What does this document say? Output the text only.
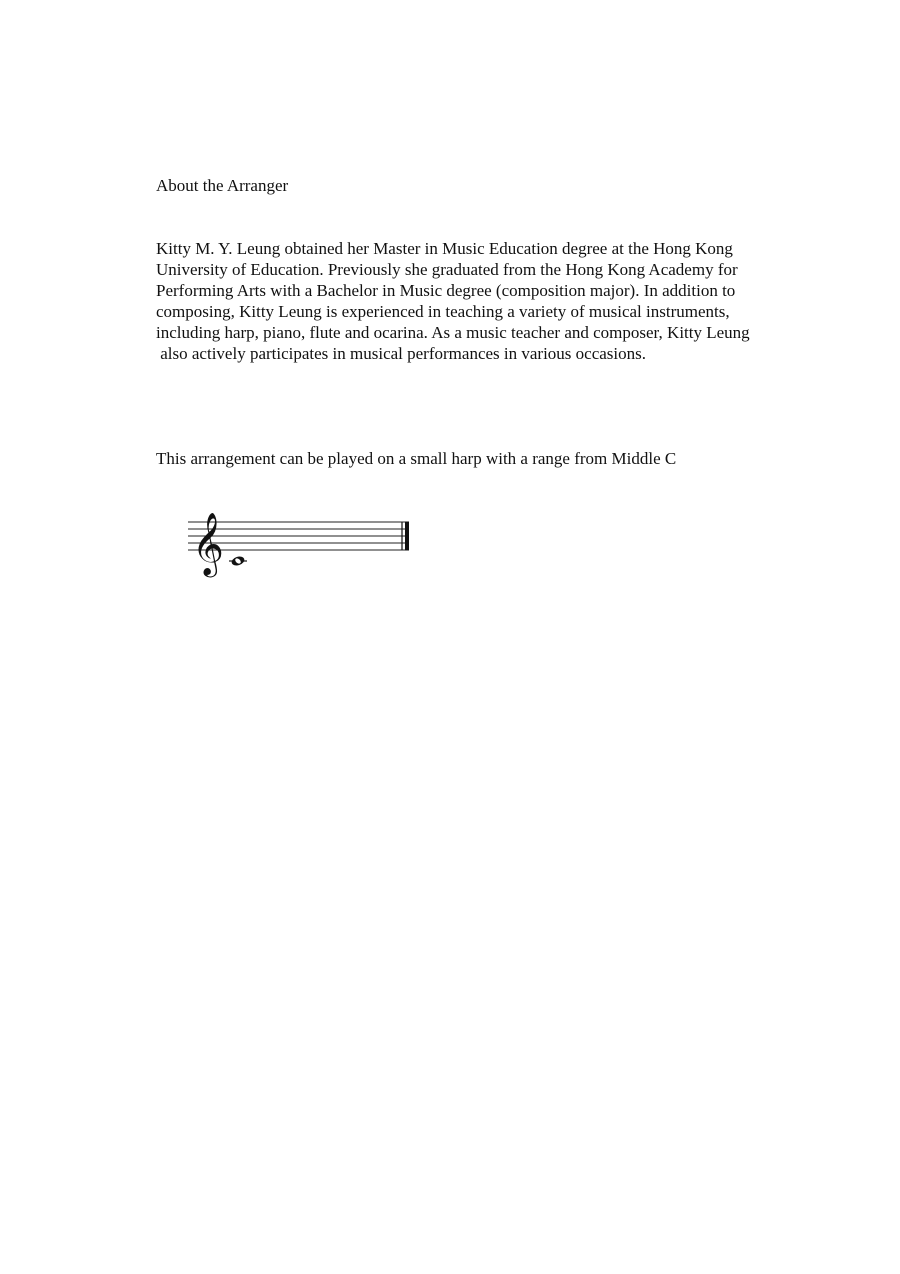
About the Arranger

Kitty M. Y. Leung obtained her Master in Music Education degree at the Hong Kong
University of Education. Previously she graduated from the Hong Kong Academy for
Performing Arts with a Bachelor in Music degree (composition major). In addition to
composing, Kitty Leung is experienced in teaching a variety of musical instruments,
including harp, piano, flute and ocarina. As a music teacher and composer, Kitty Leung
also actively participates in musical performances in various occasions.

This arrangement can be played on a small harp with a range from Middle C

𝄞
